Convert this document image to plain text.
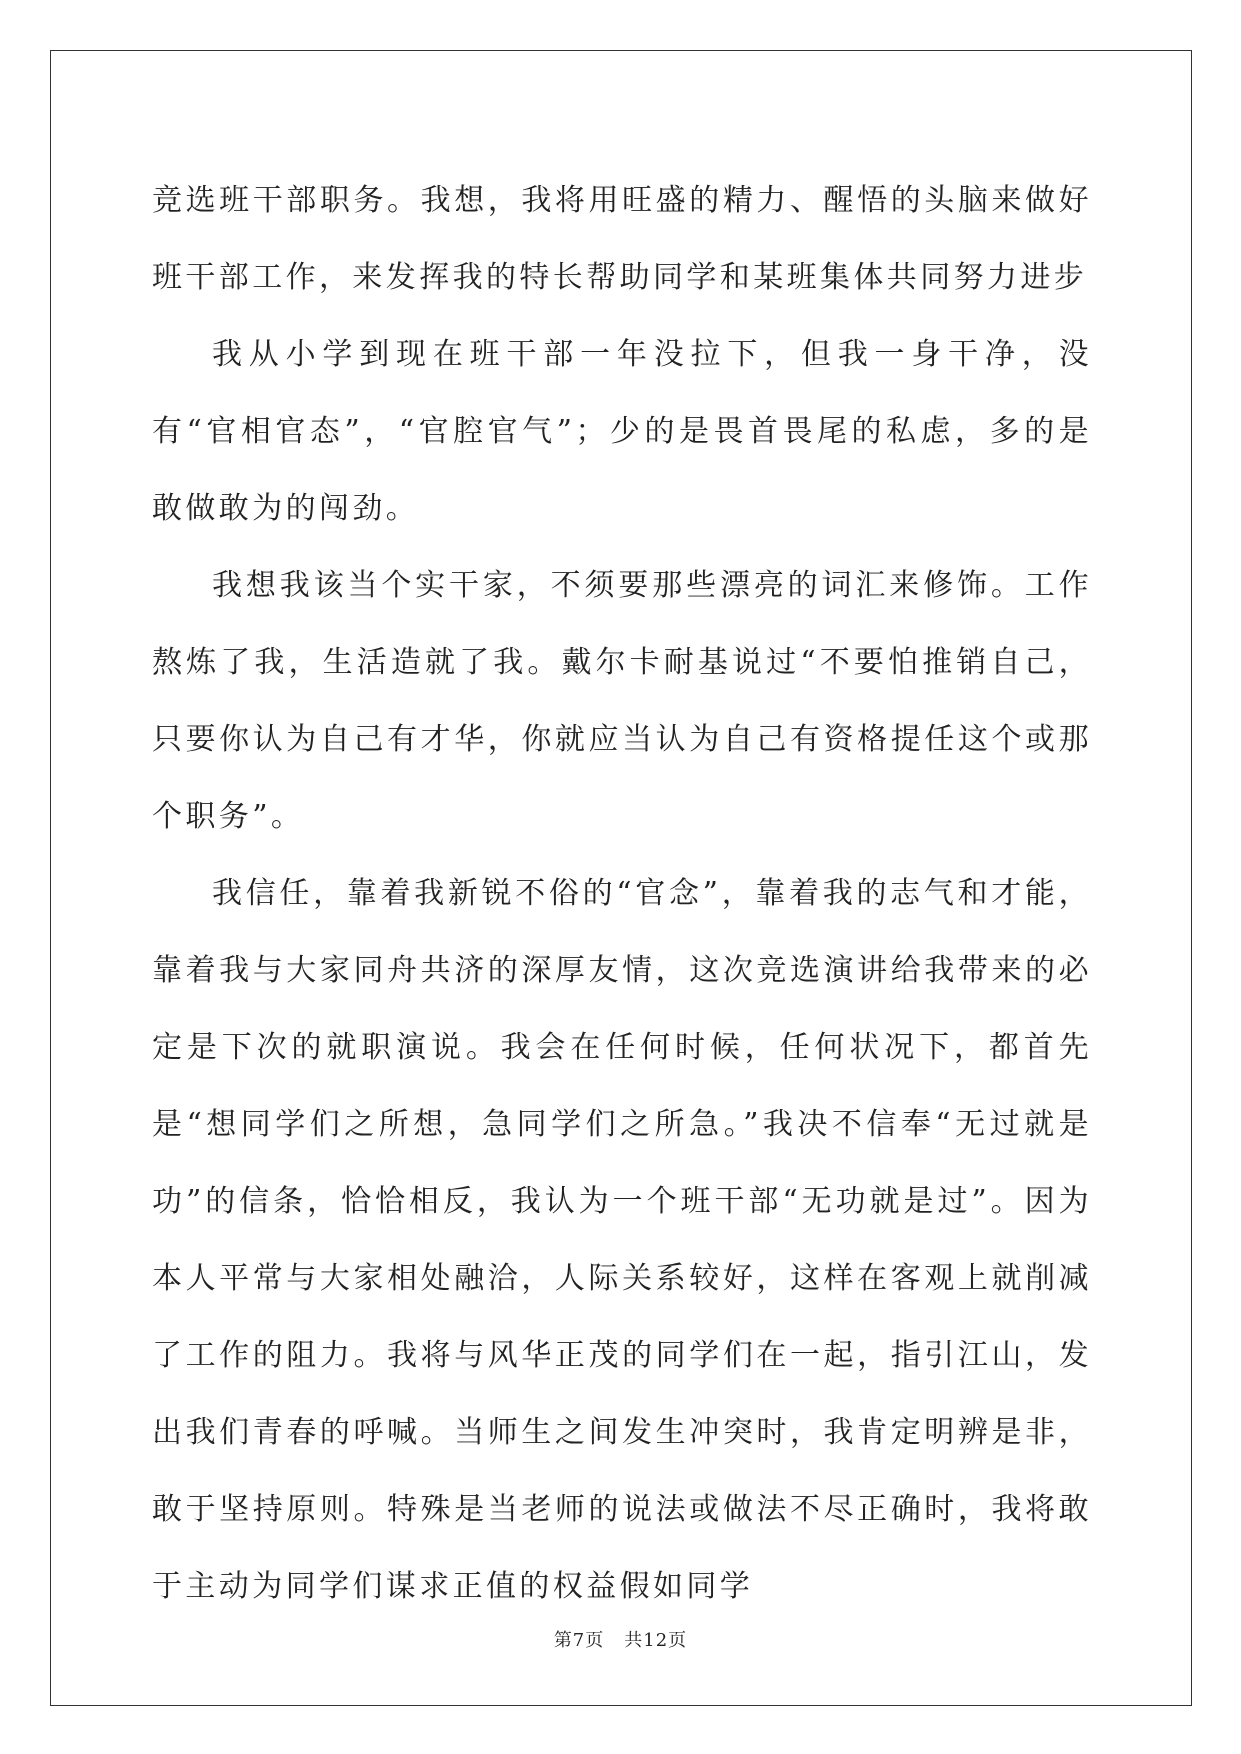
竞选班干部职务。我想，我将用旺盛的精力、醒悟的头脑来做好班干部工作，来发挥我的特长帮助同学和某班集体共同努力进步

我从小学到现在班干部一年没拉下，但我一身干净，没有“官相官态”，“官腔官气”；少的是畏首畏尾的私虑，多的是敢做敢为的闯劲。

我想我该当个实干家，不须要那些漂亮的词汇来修饰。工作熬炼了我，生活造就了我。戴尔卡耐基说过“不要怕推销自己，只要你认为自己有才华，你就应当认为自己有资格提任这个或那个职务”。

我信任，靠着我新锐不俗的“官念”，靠着我的志气和才能，靠着我与大家同舟共济的深厚友情，这次竞选演讲给我带来的必定是下次的就职演说。我会在任何时候，任何状况下，都首先是“想同学们之所想，急同学们之所急。”我决不信奉“无过就是功”的信条，恰恰相反，我认为一个班干部“无功就是过”。因为本人平常与大家相处融洽，人际关系较好，这样在客观上就削减了工作的阻力。我将与风华正茂的同学们在一起，指引江山，发出我们青春的呼喊。当师生之间发生冲突时，我肯定明辨是非，敢于坚持原则。特殊是当老师的说法或做法不尽正确时，我将敢于主动为同学们谋求正值的权益假如同学

第7页 共12页
